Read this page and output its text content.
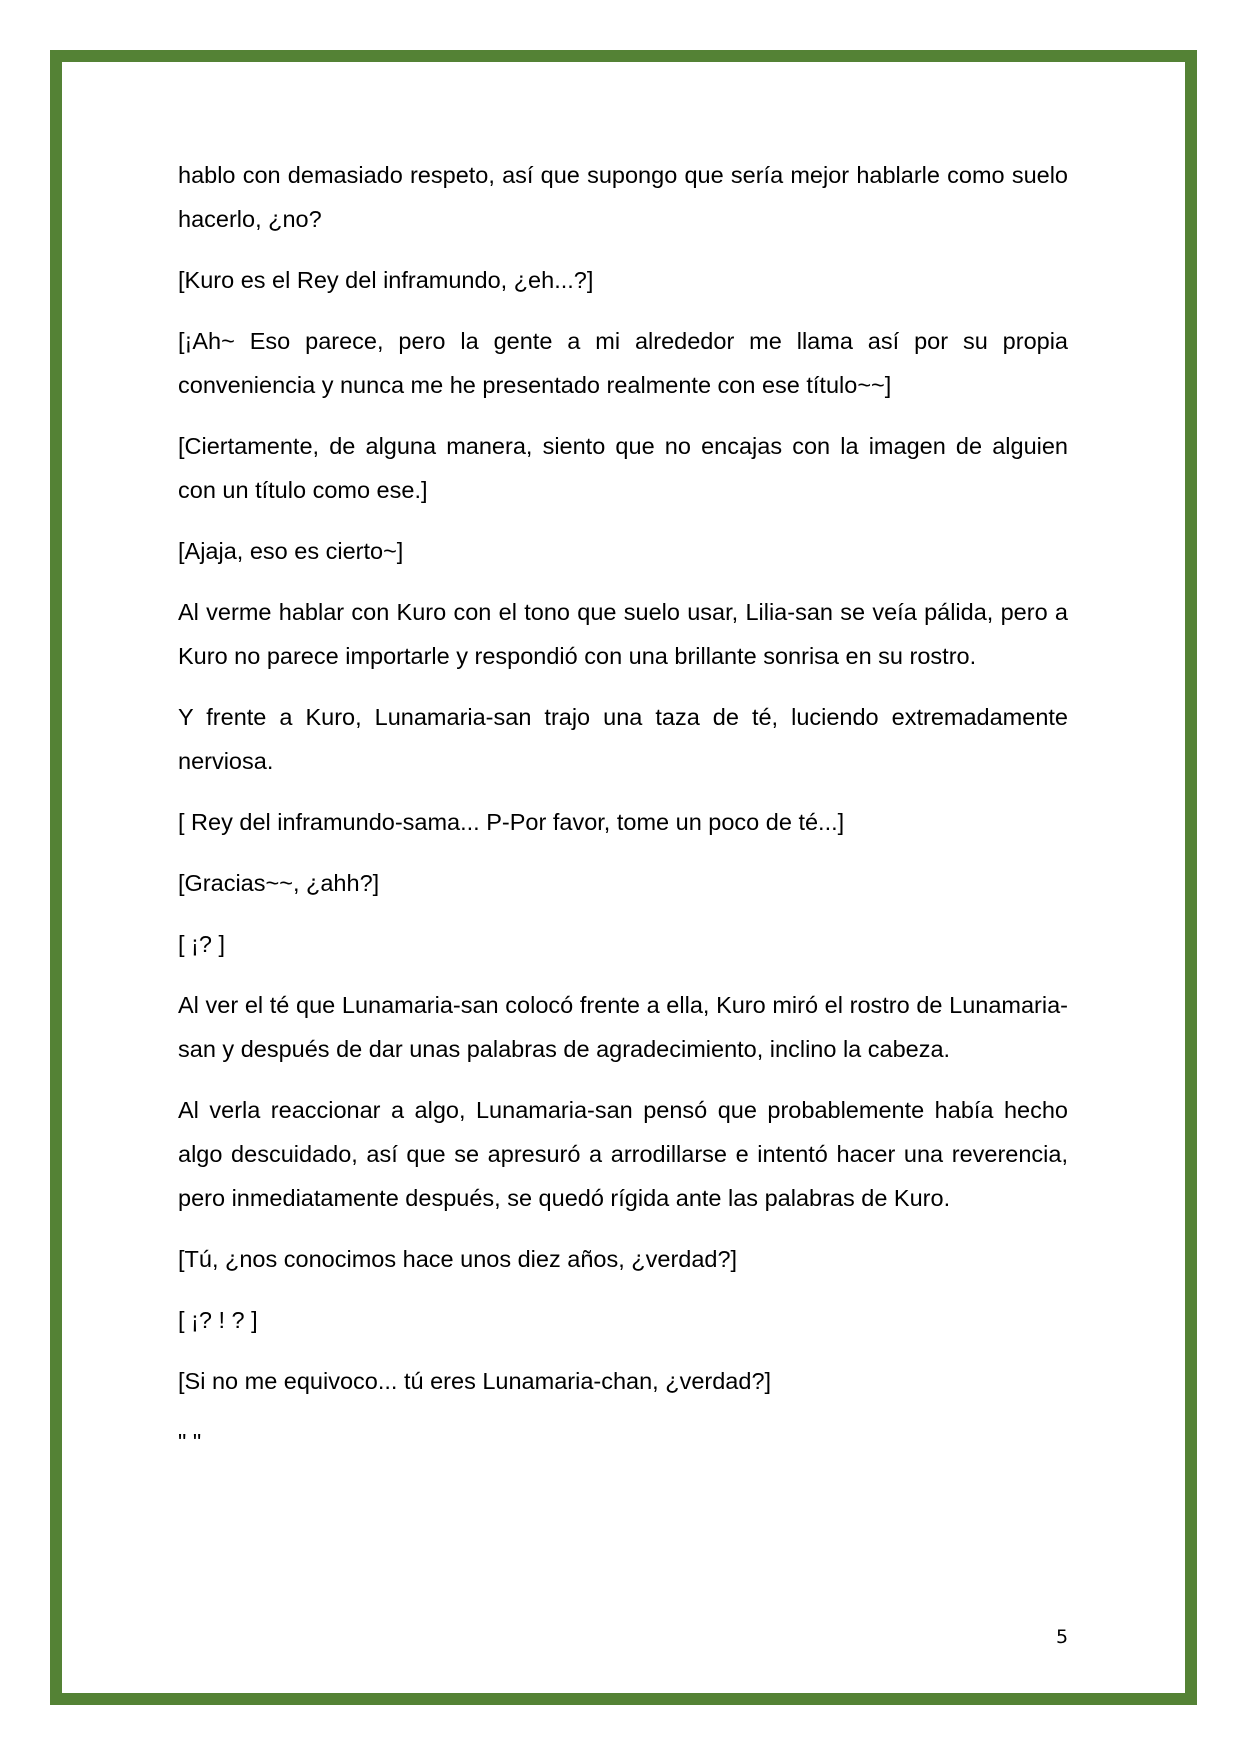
hablo con demasiado respeto, así que supongo que sería mejor hablarle como suelo hacerlo, ¿no?

[Kuro es el Rey del inframundo, ¿eh...?]

[¡Ah~ Eso parece, pero la gente a mi alrededor me llama así por su propia conveniencia y nunca me he presentado realmente con ese título~~]

[Ciertamente, de alguna manera, siento que no encajas con la imagen de alguien con un título como ese.]

[Ajaja, eso es cierto~]

Al verme hablar con Kuro con el tono que suelo usar, Lilia-san se veía pálida, pero a Kuro no parece importarle y respondió con una brillante sonrisa en su rostro.

Y frente a Kuro, Lunamaria-san trajo una taza de té, luciendo extremadamente nerviosa.

[ Rey del inframundo-sama... P-Por favor, tome un poco de té...]

[Gracias~~, ¿ahh?]

[ ¡? ]

Al ver el té que Lunamaria-san colocó frente a ella, Kuro miró el rostro de Lunamaria-san y después de dar unas palabras de agradecimiento, inclino la cabeza.

Al verla reaccionar a algo, Lunamaria-san pensó que probablemente había hecho algo descuidado, así que se apresuró a arrodillarse e intentó hacer una reverencia, pero inmediatamente después, se quedó rígida ante las palabras de Kuro.

[Tú, ¿nos conocimos hace unos diez años, ¿verdad?]

[ ¡? ! ? ]

[Si no me equivoco... tú eres Lunamaria-chan, ¿verdad?]

" "

5
